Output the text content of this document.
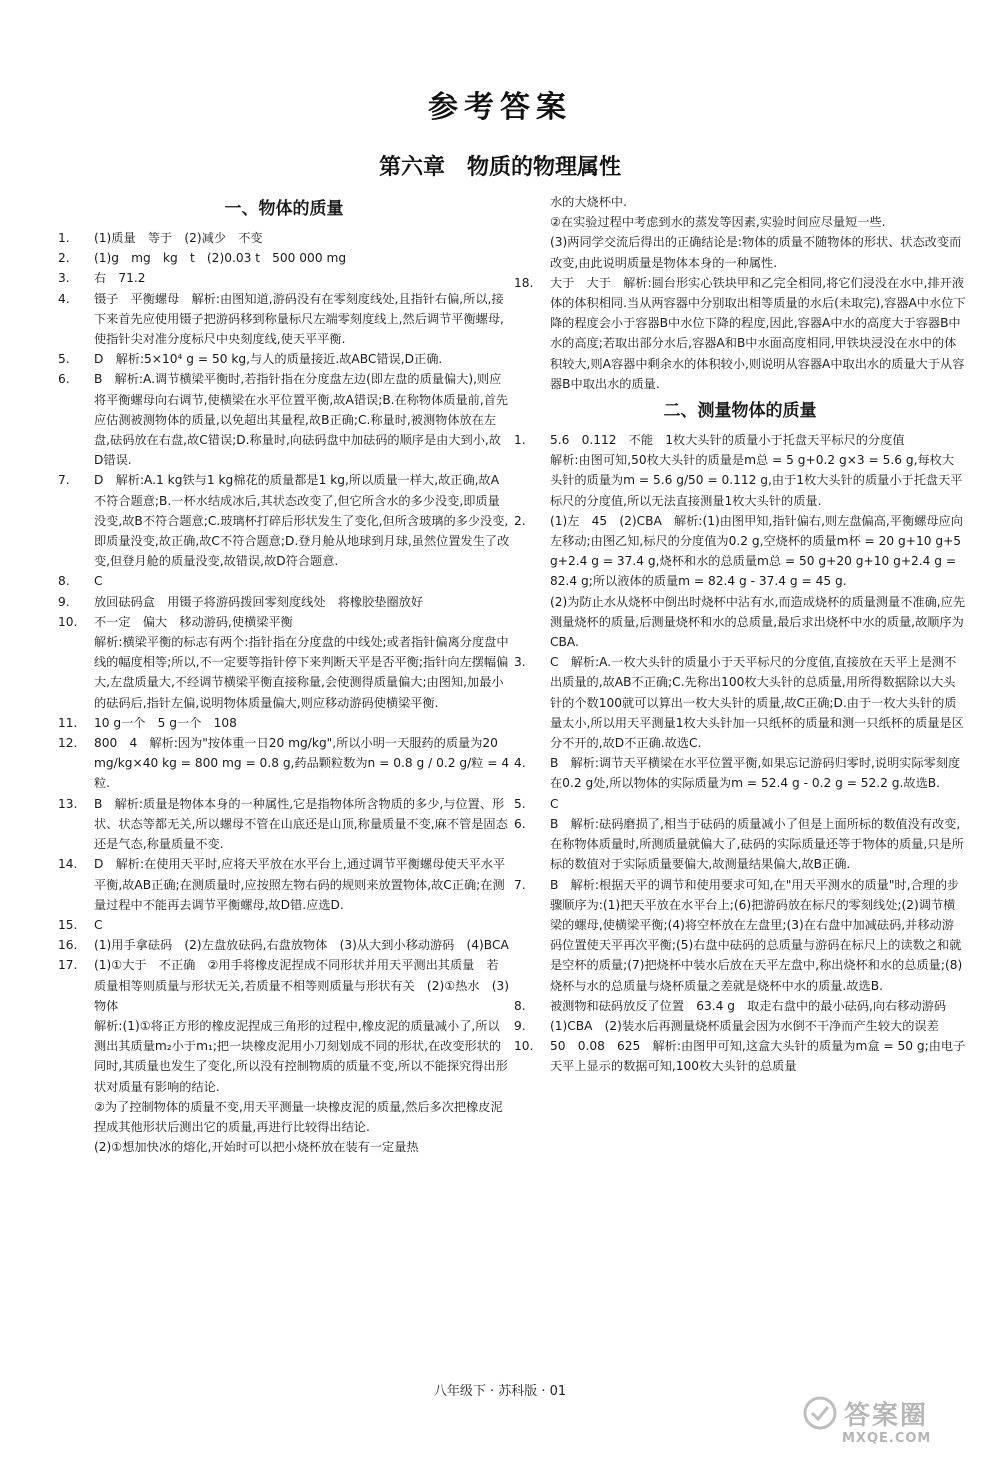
参考答案
第六章　物质的物理属性
一、物体的质量
1.	(1)质量　等于　(2)减少　不变
2.	(1)g　mg　kg　t　(2)0.03 t　500 000 mg
3.	右　71.2
4.	镊子　平衡螺母　解析:由图知道,游码没有在零刻度线处,且指针右偏,所以,接下来首先应使用镊子把游码移到称量标尺左端零刻度线上,然后调节平衡螺母,使指针尖对准分度标尺中央刻度线,使天平平衡.
5.	D　解析:5×10⁴ g = 50 kg,与人的质量接近.故ABC错误,D正确.
6.	B　解析:A.调节横梁平衡时,若指针指在分度盘左边(即左盘的质量偏大),则应将平衡螺母向右调节,使横梁在水平位置平衡,故A错误;B.在称物体质量前,首先应估测被测物体的质量,以免超出其量程,故B正确;C.称量时,被测物体放在左盘,砝码放在右盘,故C错误;D.称量时,向砝码盘中加砝码的顺序是由大到小,故D错误.
7.	D　解析:A.1 kg铁与1 kg棉花的质量都是1 kg,所以质量一样大,故正确,故A不符合题意;B.一杯水结成冰后,其状态改变了,但它所含水的多少没变,即质量没变,故B不符合题意;C.玻璃杯打碎后形状发生了变化,但所含玻璃的多少没变,即质量没变,故正确,故C不符合题意;D.登月舱从地球到月球,虽然位置发生了改变,但登月舱的质量没变,故错误,故D符合题意.
8.	C
9.	放回砝码盒　用镊子将游码拨回零刻度线处　将橡胶垫圈放好
10.	不一定　偏大　移动游码,使横梁平衡
解析:横梁平衡的标志有两个:指针指在分度盘的中线处;或者指针偏离分度盘中线的幅度相等;所以,不一定要等指针停下来判断天平是否平衡;指针向左摆幅偏大,左盘质量大,不经调节横梁平衡直接称量,会使测得质量偏大;由图知,加最小的砝码后,指针左偏,说明物体质量偏大,则应移动游码使横梁平衡.
11.	10 g一个　5 g一个　108
12.	800　4　解析:因为"按体重一日20 mg/kg",所以小明一天服药的质量为20 mg/kg×40 kg = 800 mg = 0.8 g,药品颗粒数为n = 0.8 g / 0.2 g/粒 = 4粒.
13.	B　解析:质量是物体本身的一种属性,它是指物体所含物质的多少,与位置、形状、状态等都无关,所以螺母不管在山底还是山顶,称量质量不变,麻不管是固态还是气态,称量质量不变.
14.	D　解析:在使用天平时,应将天平放在水平台上,通过调节平衡螺母使天平水平平衡,故AB正确;在测质量时,应按照左物右码的规则来放置物体,故C正确;在测量过程中不能再去调节平衡螺母,故D错.应选D.
15.	C
16.	(1)用手拿砝码　(2)左盘放砝码,右盘放物体　(3)从大到小移动游码　(4)BCA
17.	(1)①大于　不正确　②用手将橡皮泥捏成不同形状并用天平测出其质量　若质量相等则质量与形状无关,若质量不相等则质量与形状有关　(2)①热水　(3)物体
解析:(1)①将正方形的橡皮泥捏成三角形的过程中,橡皮泥的质量减小了,所以测出其质量m₂小于m₁;把一块橡皮泥用小刀刻划成不同的形状,在改变形状的同时,其质量也发生了变化,所以没有控制物质的质量不变,所以不能探究得出形状对质量有影响的结论.
②为了控制物体的质量不变,用天平测量一块橡皮泥的质量,然后多次把橡皮泥捏成其他形状后测出它的质量,再进行比较得出结论.
(2)①想加快冰的熔化,开始时可以把小烧杯放在装有一定量热
水的大烧杯中.
②在实验过程中考虑到水的蒸发等因素,实验时间应尽量短一些.
(3)两同学交流后得出的正确结论是:物体的质量不随物体的形状、状态改变而改变,由此说明质量是物体本身的一种属性.
18.	大于　大于　解析:圆台形实心铁块甲和乙完全相同,将它们浸没在水中,排开液体的体积相同.当从两容器中分别取出相等质量的水后(未取完),容器A中水位下降的程度会小于容器B中水位下降的程度,因此,容器A中水的高度大于容器B中水的高度;若取出部分水后,容器A和B中水面高度相同,甲铁块浸没在水中的体积较大,则A容器中剩余水的体积较小,则说明从容器A中取出水的质量大于从容器B中取出水的质量.
二、测量物体的质量
1.	5.6　0.112　不能　1枚大头针的质量小于托盘天平标尺的分度值
解析:由图可知,50枚大头针的质量是m总 = 5 g+0.2 g×3 = 5.6 g,每枚大头针的质量为m = 5.6 g/50 = 0.112 g,由于1枚大头针的质量小于托盘天平标尺的分度值,所以无法直接测量1枚大头针的质量.
2.	(1)左　45　(2)CBA　解析:(1)由图甲知,指针偏右,则左盘偏高,平衡螺母应向左移动;由图乙知,标尺的分度值为0.2 g,空烧杯的质量m杯 = 20 g+10 g+5 g+2.4 g = 37.4 g,烧杯和水的总质量m总 = 50 g+20 g+10 g+2.4 g = 82.4 g;所以液体的质量m = 82.4 g - 37.4 g = 45 g.
(2)为防止水从烧杯中倒出时烧杯中沾有水,而造成烧杯的质量测量不准确,应先测量烧杯的质量,后测量烧杯和水的总质量,最后求出烧杯中水的质量,故顺序为CBA.
3.	C　解析:A.一枚大头针的质量小于天平标尺的分度值,直接放在天平上是测不出质量的,故AB不正确;C.先称出100枚大头针的总质量,用所得数据除以大头针的个数100就可以算出一枚大头针的质量,故C正确;D.由于一枚大头针的质量太小,所以用天平测量1枚大头针加一只纸杯的质量和测一只纸杯的质量是区分不开的,故D不正确.故选C.
4.	B　解析:调节天平横梁在水平位置平衡,如果忘记游码归零时,说明实际零刻度在0.2 g处,所以物体的实际质量为m = 52.4 g - 0.2 g = 52.2 g.故选B.
5.	C
6.	B　解析:砝码磨损了,相当于砝码的质量减小了但是上面所标的数值没有改变,在称物体质量时,所测质量就偏大了,砝码的实际质量还等于物体的质量,只是所标的数值对于实际质量要偏大,故测量结果偏大,故B正确.
7.	B　解析:根据天平的调节和使用要求可知,在"用天平测水的质量"时,合理的步骤顺序为:(1)把天平放在水平台上;(6)把游码放在标尺的零刻线处;(2)调节横梁的螺母,使横梁平衡;(4)将空杯放在左盘里;(3)在右盘中加减砝码,并移动游码位置使天平再次平衡;(5)右盘中砝码的总质量与游码在标尺上的读数之和就是空杯的质量;(7)把烧杯中装水后放在天平左盘中,称出烧杯和水的总质量;(8)烧杯与水的总质量与烧杯质量之差就是烧杯中水的质量.故选B.
8.	被测物和砝码放反了位置　63.4 g　取走右盘中的最小砝码,向右移动游码
9.	(1)CBA　(2)装水后再测量烧杯质量会因为水倒不干净而产生较大的误差
10.	50　0.08　625　解析:由图甲可知,这盒大头针的质量为m盒 = 50 g;由电子天平上显示的数据可知,100枚大头针的总质量
八年级下 · 苏科版 · 01
答案圈
MXQE.COM
